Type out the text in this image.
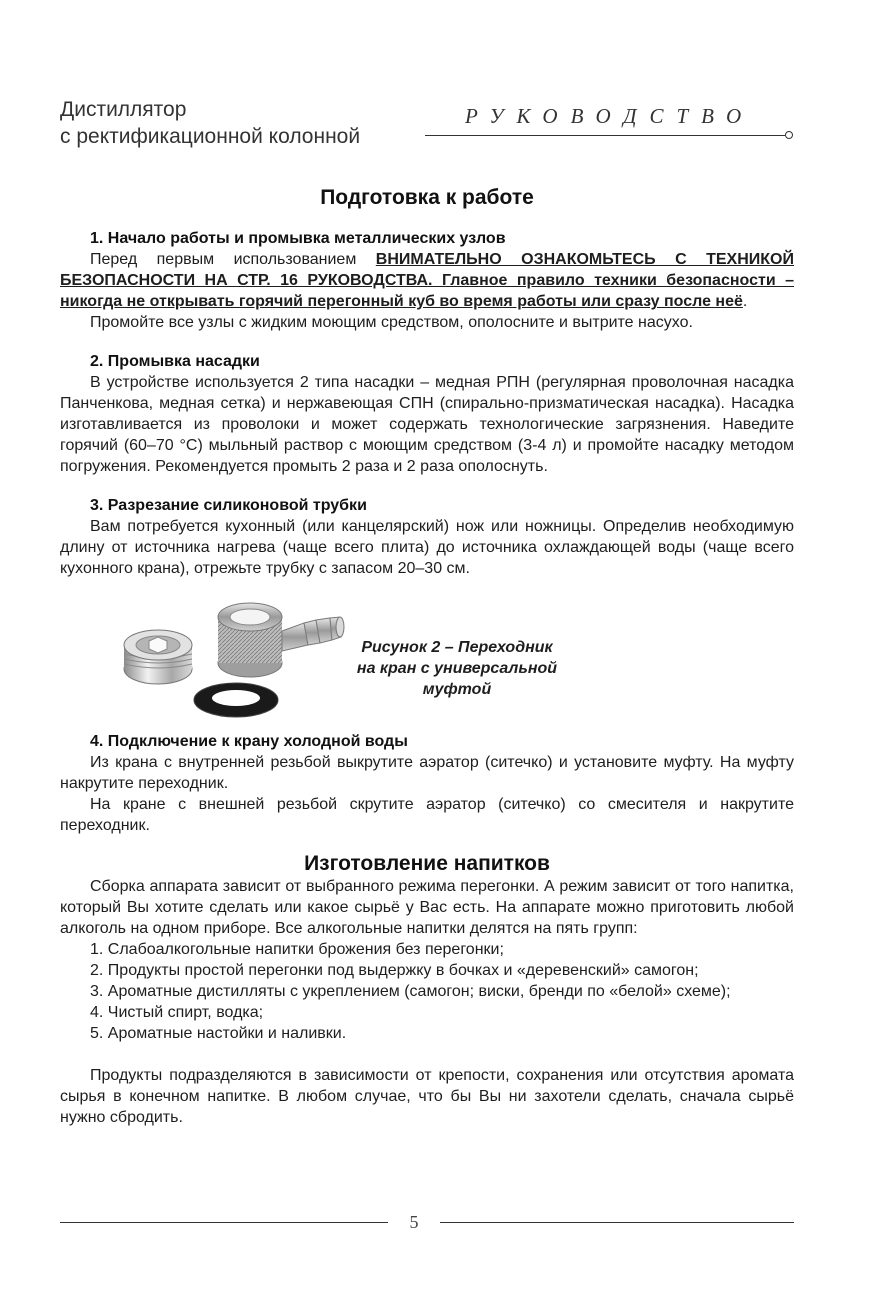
Дистиллятор
с ректификационной колонной
РУКОВОДСТВО
Подготовка к работе
1. Начало работы и промывка металлических узлов

Перед первым использованием ВНИМАТЕЛЬНО ОЗНАКОМЬТЕСЬ С ТЕХНИКОЙ БЕЗОПАСНОСТИ НА СТР. 16 РУКОВОДСТВА. Главное правило техники безопасности – никогда не открывать горячий перегонный куб во время работы или сразу после неё.

Промойте все узлы с жидким моющим средством, ополосните и вытрите насухо.

2. Промывка насадки

В устройстве используется 2 типа насадки – медная РПН (регулярная проволочная насадка Панченкова, медная сетка) и нержавеющая СПН (спирально-призматическая насадка). Насадка изготавливается из проволоки и может содержать технологические загрязнения. Наведите горячий (60–70 °С) мыльный раствор с моющим средством (3-4 л) и промойте насадку методом погружения. Рекомендуется промыть 2 раза и 2 раза ополоснуть.

3. Разрезание силиконовой трубки

Вам потребуется кухонный (или канцелярский) нож или ножницы. Определив необходимую длину от источника нагрева (чаще всего плита) до источника охлаждающей воды (чаще всего кухонного крана), отрежьте трубку с запасом 20–30 см.

Рисунок 2 – Переходник
на кран с универсальной
муфтой
4. Подключение к крану холодной воды

Из крана с внутренней резьбой выкрутите аэратор (ситечко) и установите муфту. На муфту накрутите переходник.

На кране с внешней резьбой скрутите аэратор (ситечко) со смесителя и накрутите переходник.

Изготовление напитков

Сборка аппарата зависит от выбранного режима перегонки. А режим зависит от того напитка, который Вы хотите сделать или какое сырьё у Вас есть. На аппарате можно приготовить любой алкоголь на одном приборе. Все алкогольные напитки делятся на пять групп:

1. Слабоалкогольные напитки брожения без перегонки;
2. Продукты простой перегонки под выдержку в бочках и «деревенский» самогон;
3. Ароматные дистилляты с укреплением (самогон; виски, бренди по «белой» схеме);
4. Чистый спирт, водка;
5. Ароматные настойки и наливки.

Продукты подразделяются в зависимости от крепости, сохранения или отсутствия аромата сырья в конечном напитке. В любом случае, что бы Вы ни захотели сделать, сначала сырьё нужно сбродить.

5
